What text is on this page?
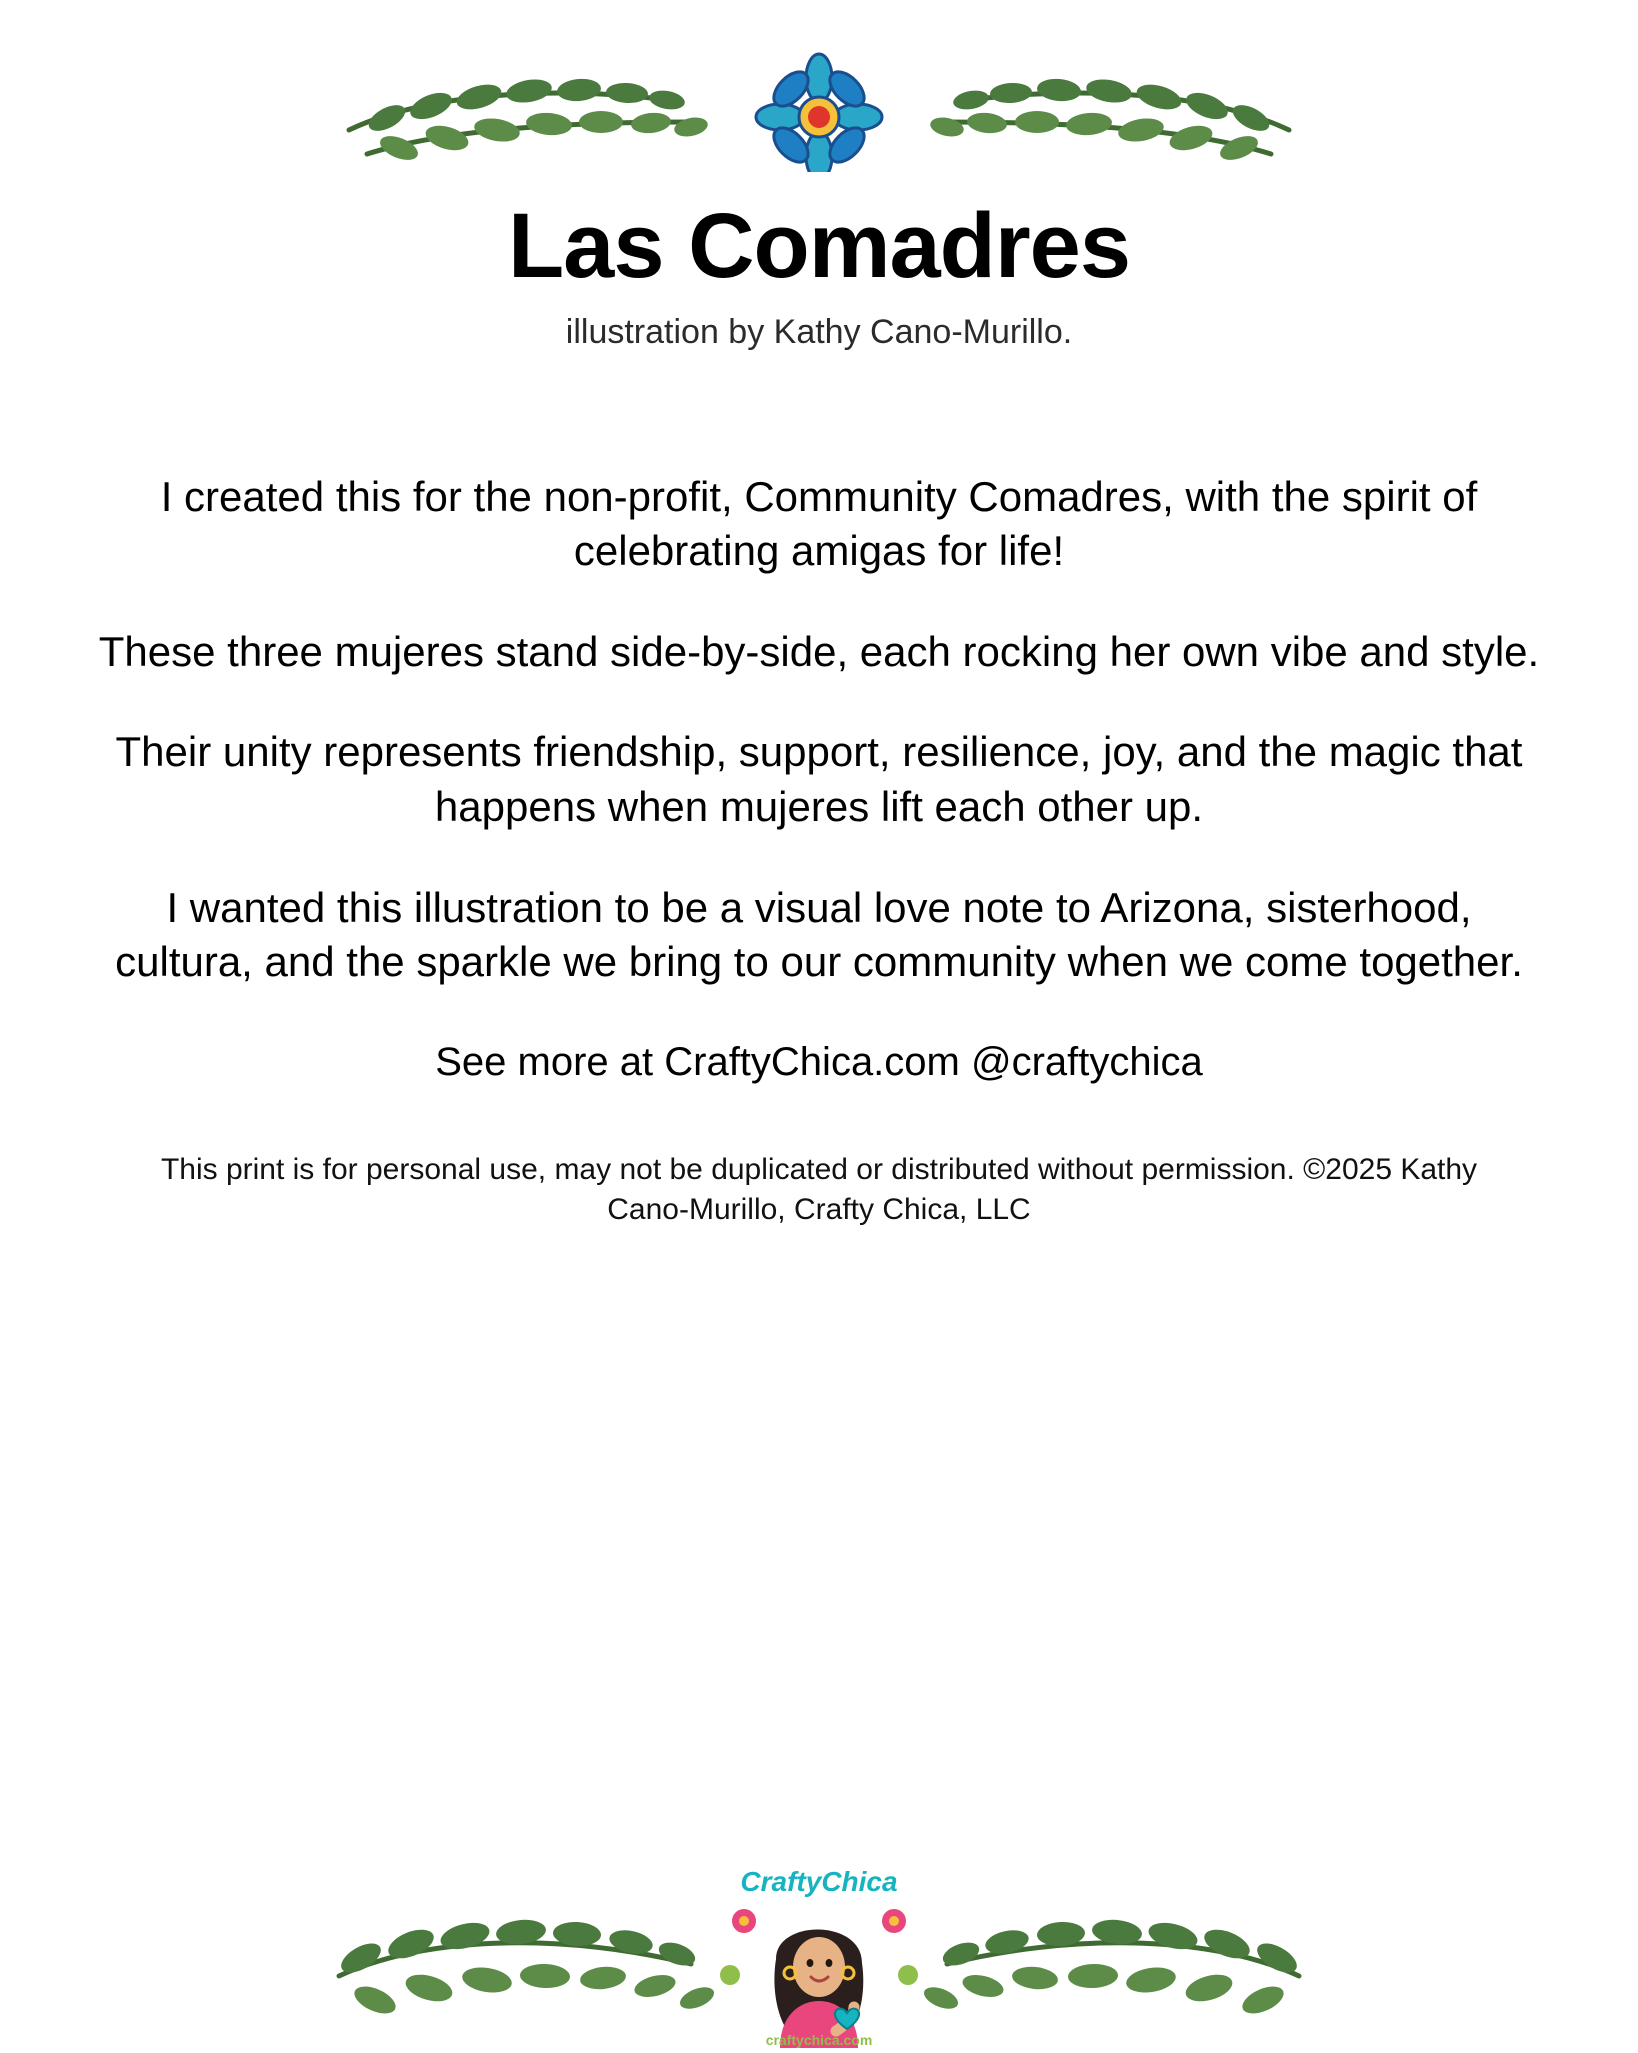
Las Comadres
illustration by Kathy Cano-Murillo.

I created this for the non-profit, Community Comadres, with the spirit of celebrating amigas for life!

These three mujeres stand side-by-side, each rocking her own vibe and style.

Their unity represents friendship, support, resilience, joy, and the magic that happens when mujeres lift each other up.

I wanted this illustration to be a visual love note to Arizona, sisterhood, cultura, and the sparkle we bring to our community when we come together.

See more at CraftyChica.com @craftychica

This print is for personal use, may not be duplicated or distributed without permission. ©2025 Kathy Cano-Murillo, Crafty Chica, LLC

CraftyChica
craftychica.com
